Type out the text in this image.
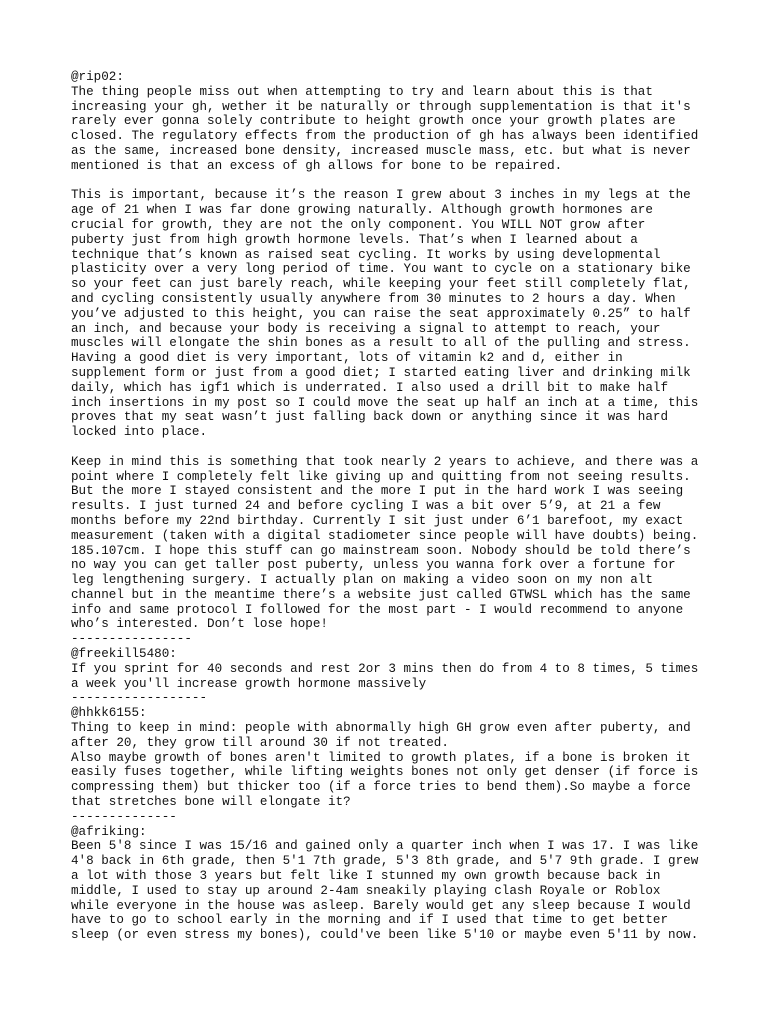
@rip02:
The thing people miss out when attempting to try and learn about this is that
increasing your gh, wether it be naturally or through supplementation is that it's
rarely ever gonna solely contribute to height growth once your growth plates are
closed. The regulatory effects from the production of gh has always been identified
as the same, increased bone density, increased muscle mass, etc. but what is never
mentioned is that an excess of gh allows for bone to be repaired.
This is important, because it’s the reason I grew about 3 inches in my legs at the
age of 21 when I was far done growing naturally. Although growth hormones are
crucial for growth, they are not the only component. You WILL NOT grow after
puberty just from high growth hormone levels. That’s when I learned about a
technique that’s known as raised seat cycling. It works by using developmental
plasticity over a very long period of time. You want to cycle on a stationary bike
so your feet can just barely reach, while keeping your feet still completely flat,
and cycling consistently usually anywhere from 30 minutes to 2 hours a day. When
you’ve adjusted to this height, you can raise the seat approximately 0.25” to half
an inch, and because your body is receiving a signal to attempt to reach, your
muscles will elongate the shin bones as a result to all of the pulling and stress.
Having a good diet is very important, lots of vitamin k2 and d, either in
supplement form or just from a good diet; I started eating liver and drinking milk
daily, which has igf1 which is underrated. I also used a drill bit to make half
inch insertions in my post so I could move the seat up half an inch at a time, this
proves that my seat wasn’t just falling back down or anything since it was hard
locked into place.
Keep in mind this is something that took nearly 2 years to achieve, and there was a
point where I completely felt like giving up and quitting from not seeing results.
But the more I stayed consistent and the more I put in the hard work I was seeing
results. I just turned 24 and before cycling I was a bit over 5’9, at 21 a few
months before my 22nd birthday. Currently I sit just under 6’1 barefoot, my exact
measurement (taken with a digital stadiometer since people will have doubts) being.
185.107cm. I hope this stuff can go mainstream soon. Nobody should be told there’s
no way you can get taller post puberty, unless you wanna fork over a fortune for
leg lengthening surgery. I actually plan on making a video soon on my non alt
channel but in the meantime there’s a website just called GTWSL which has the same
info and same protocol I followed for the most part - I would recommend to anyone
who’s interested. Don’t lose hope!
----------------
@freekill5480:
If you sprint for 40 seconds and rest 2or 3 mins then do from 4 to 8 times, 5 times
a week you'll increase growth hormone massively
------------------
@hhkk6155:
Thing to keep in mind: people with abnormally high GH grow even after puberty, and
after 20, they grow till around 30 if not treated.
Also maybe growth of bones aren't limited to growth plates, if a bone is broken it
easily fuses together, while lifting weights bones not only get denser (if force is
compressing them) but thicker too (if a force tries to bend them).So maybe a force
that stretches bone will elongate it?
--------------
@afriking:
Been 5'8 since I was 15/16 and gained only a quarter inch when I was 17. I was like
4'8 back in 6th grade, then 5'1 7th grade, 5'3 8th grade, and 5'7 9th grade. I grew
a lot with those 3 years but felt like I stunned my own growth because back in
middle, I used to stay up around 2-4am sneakily playing clash Royale or Roblox
while everyone in the house was asleep. Barely would get any sleep because I would
have to go to school early in the morning and if I used that time to get better
sleep (or even stress my bones), could've been like 5'10 or maybe even 5'11 by now.
